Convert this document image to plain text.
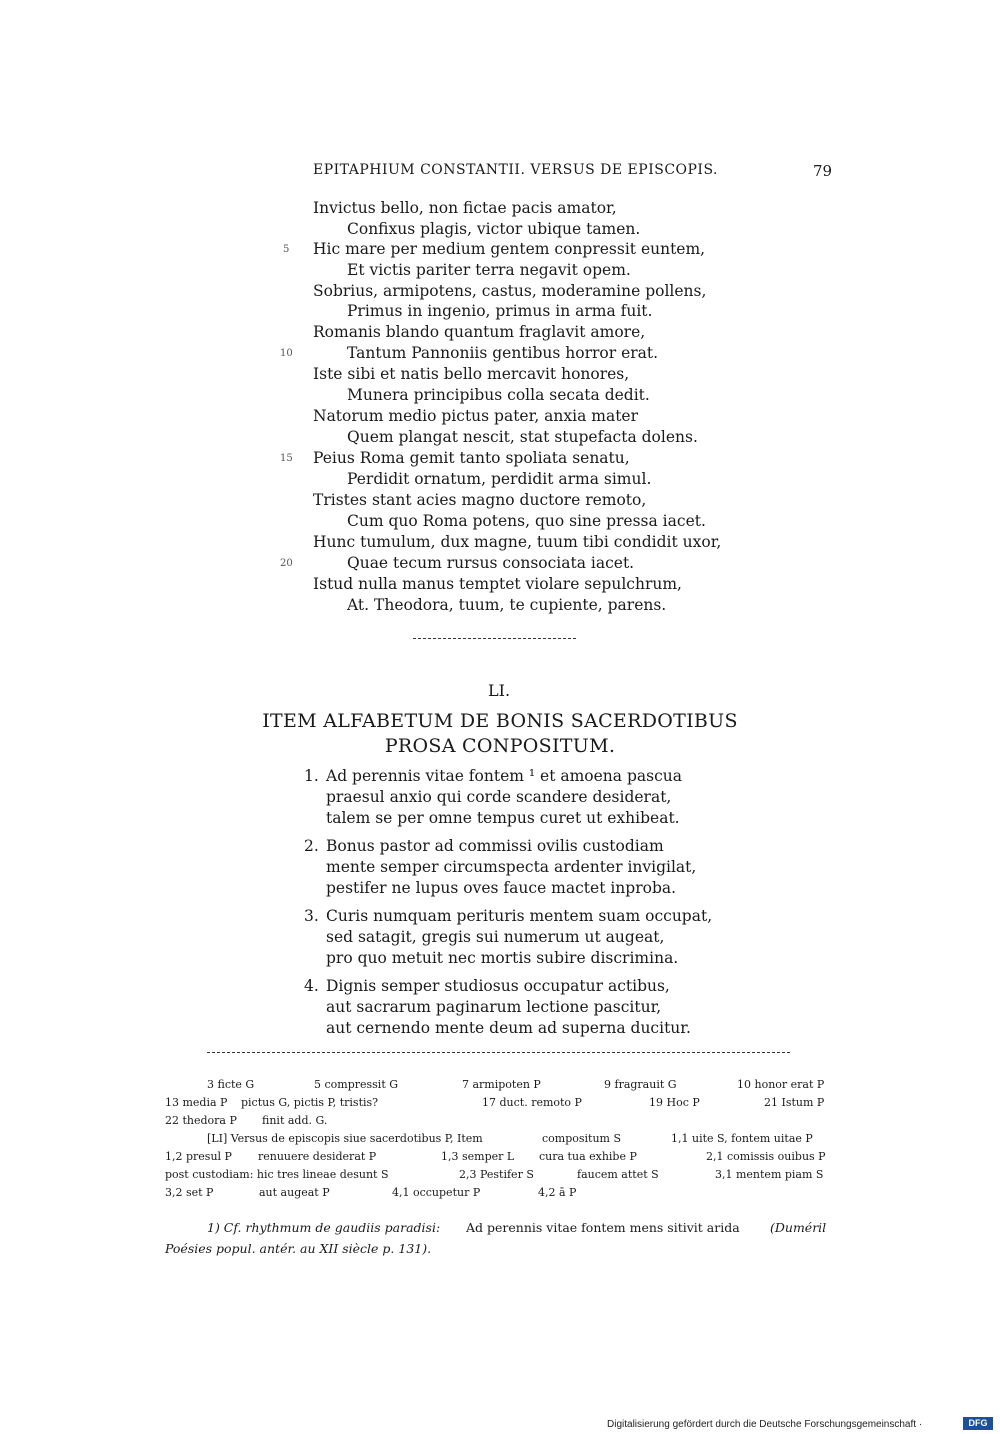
EPITAPHIUM CONSTANTII. VERSUS DE EPISCOPIS.	79
Invictus bello, non fictae pacis amator,
Confixus plagis, victor ubique tamen.
5 Hic mare per medium gentem conpressit euntem,
Et victis pariter terra negavit opem.
Sobrius, armipotens, castus, moderamine pollens,
Primus in ingenio, primus in arma fuit.
Romanis blando quantum fraglavit amore,
10	Tantum Pannoniis gentibus horror erat.
Iste sibi et natis bello mercavit honores,
Munera principibus colla secata dedit.
Natorum medio pictus pater, anxia mater
Quem plangat nescit, stat stupefacta dolens.
15 Peius Roma gemit tanto spoliata senatu,
Perdidit ornatum, perdidit arma simul.
Tristes stant acies magno ductore remoto,
Cum quo Roma potens, quo sine pressa iacet.
Hunc tumulum, dux magne, tuum tibi condidit uxor,
20	Quae tecum rursus consociata iacet.
Istud nulla manus temptet violare sepulchrum,
At. Theodora, tuum, te cupiente, parens.
LI.
ITEM ALFABETUM DE BONIS SACERDOTIBUS
PROSA CONPOSITUM.
1. Ad perennis vitae fontem ¹ et amoena pascua
praesul anxio qui corde scandere desiderat,
talem se per omne tempus curet ut exhibeat.
2. Bonus pastor ad commissi ovilis custodiam
mente semper circumspecta ardenter invigilat,
pestifer ne lupus oves fauce mactet inproba.
3. Curis numquam perituris mentem suam occupat,
sed satagit, gregis sui numerum ut augeat,
pro quo metuit nec mortis subire discrimina.
4. Dignis semper studiosus occupatur actibus,
aut sacrarum paginarum lectione pascitur,
aut cernendo mente deum ad superna ducitur.
3 ficte G	5 compressit G	7 armipoten P	9 fragrauit G	10 honor erat P
13 media P pictus G, pictis P, tristis?	17 duct. remoto P	19 Hoc P	21 Istum P
22 thedora P finit add. G.
[LI] Versus de episcopis siue sacerdotibus P, Item	compositum S	1,1 uite S, fontem uitae P
1,2 presul P renuuere desiderat P	1,3 semper L cura tua exhibe P	2,1 comissis ouibus P
post custodiam: hic tres lineae desunt S	2,3 Pestifer S	faucem attet S	3,1 mentem piam S
3,2 set P	aut augeat P	4,1 occupetur P	4,2 ā P
1) Cf. rhythmum de gaudiis paradisi: Ad perennis vitae fontem mens sitivit arida (Duméril
Poésies popul. antér. au XII siècle p. 131).
Digitalisierung gefördert durch die Deutsche Forschungsgemeinschaft ·	DFG
